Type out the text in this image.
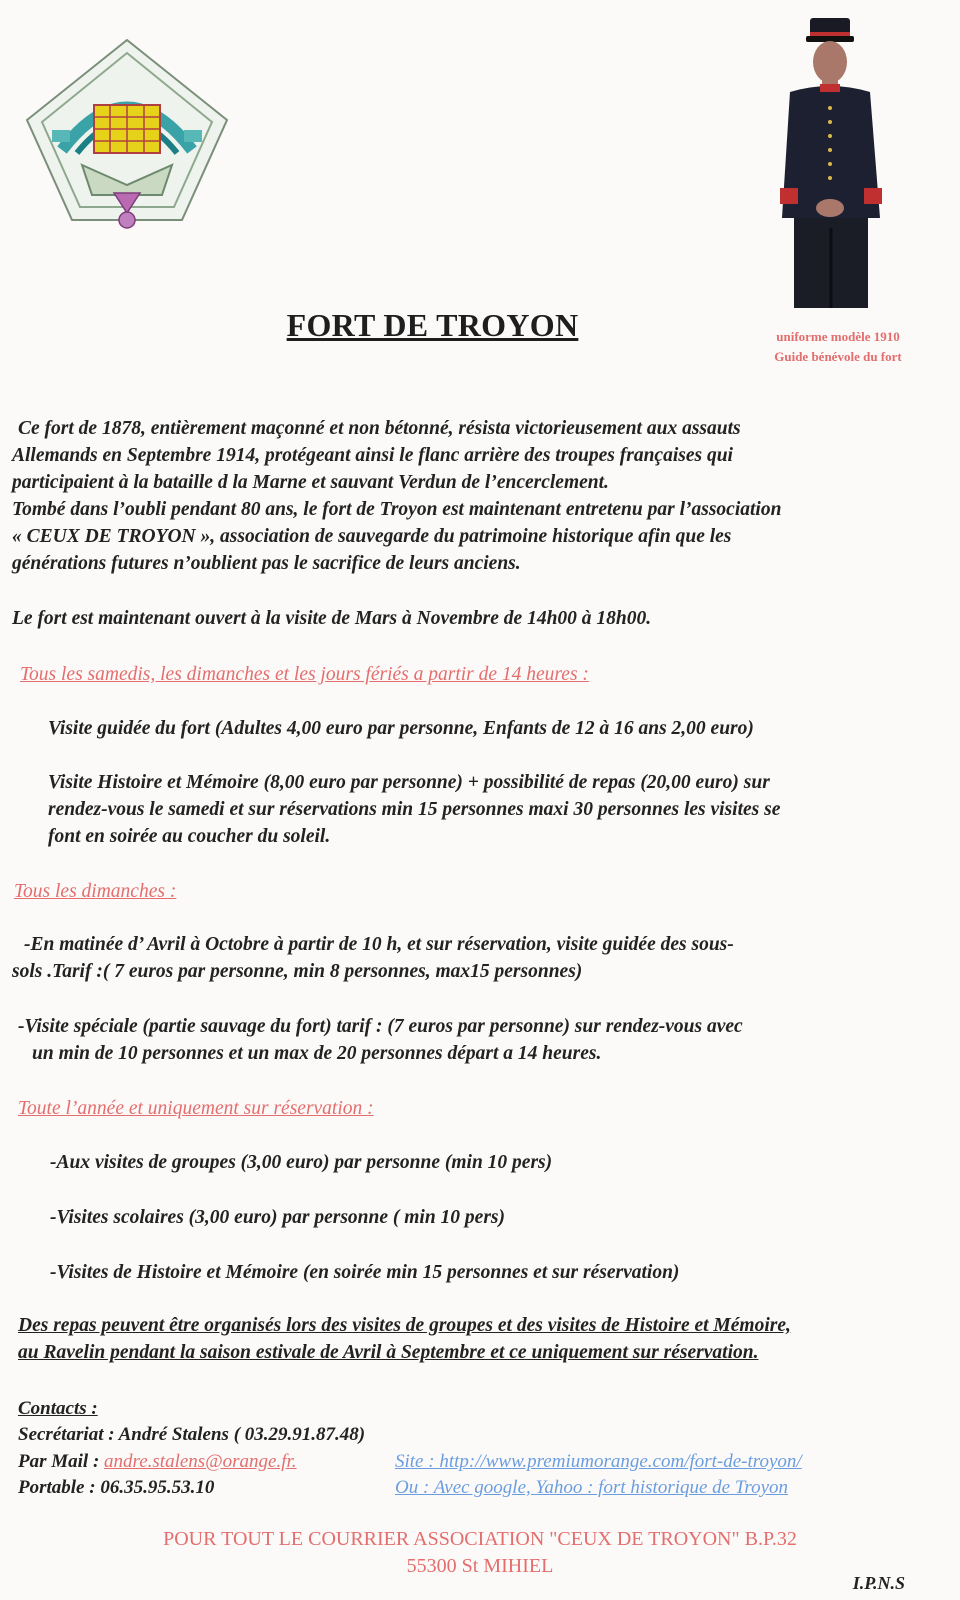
FORT DE TROYON	uniforme modèle 1910
Guide bénévole du fort
Ce fort de 1878, entièrement maçonné et non bétonné, résista victorieusement aux assauts
Allemands en Septembre 1914, protégeant ainsi le flanc arrière des troupes françaises qui
participaient à la bataille d la Marne et sauvant Verdun de l’encerclement.
Tombé dans l’oubli pendant 80 ans, le fort de Troyon est maintenant entretenu par l’association
« CEUX DE TROYON », association de sauvegarde du patrimoine historique afin que les
générations futures n’oublient pas le sacrifice de leurs anciens.
Le fort est maintenant ouvert à la visite de Mars à Novembre de 14h00 à 18h00.
Tous les samedis, les dimanches et les jours fériés a partir de 14 heures :
Visite guidée du fort (Adultes 4,00 euro par personne, Enfants de 12 à 16 ans 2,00 euro)
Visite Histoire et Mémoire (8,00 euro par personne) + possibilité de repas (20,00 euro) sur
rendez-vous le samedi et sur réservations min 15 personnes maxi 30 personnes les visites se
font en soirée au coucher du soleil.
Tous les dimanches :
-En matinée d’ Avril à Octobre à partir de 10 h, et sur réservation, visite guidée des sous-
sols .Tarif :( 7 euros par personne, min 8 personnes, max15 personnes)
-Visite spéciale (partie sauvage du fort) tarif : (7 euros par personne) sur rendez-vous avec
un min de 10 personnes et un max de 20 personnes départ a 14 heures.
Toute l’année et uniquement sur réservation :
-Aux visites de groupes (3,00 euro) par personne (min 10 pers)
-Visites scolaires (3,00 euro) par personne ( min 10 pers)
-Visites de Histoire et Mémoire (en soirée min 15 personnes et sur réservation)
Des repas peuvent être organisés lors des visites de groupes et des visites de Histoire et Mémoire,
au Ravelin pendant la saison estivale de Avril à Septembre et ce uniquement sur réservation.
Contacts :
Secrétariat : André Stalens ( 03.29.91.87.48)
Par Mail : andre.stalens@orange.fr.
Portable : 06.35.95.53.10
Site : http://www.premiumorange.com/fort-de-troyon/
Ou : Avec google, Yahoo : fort historique de Troyon
POUR TOUT LE COURRIER ASSOCIATION "CEUX DE TROYON" B.P.32
55300 St MIHIEL
I.P.N.S
